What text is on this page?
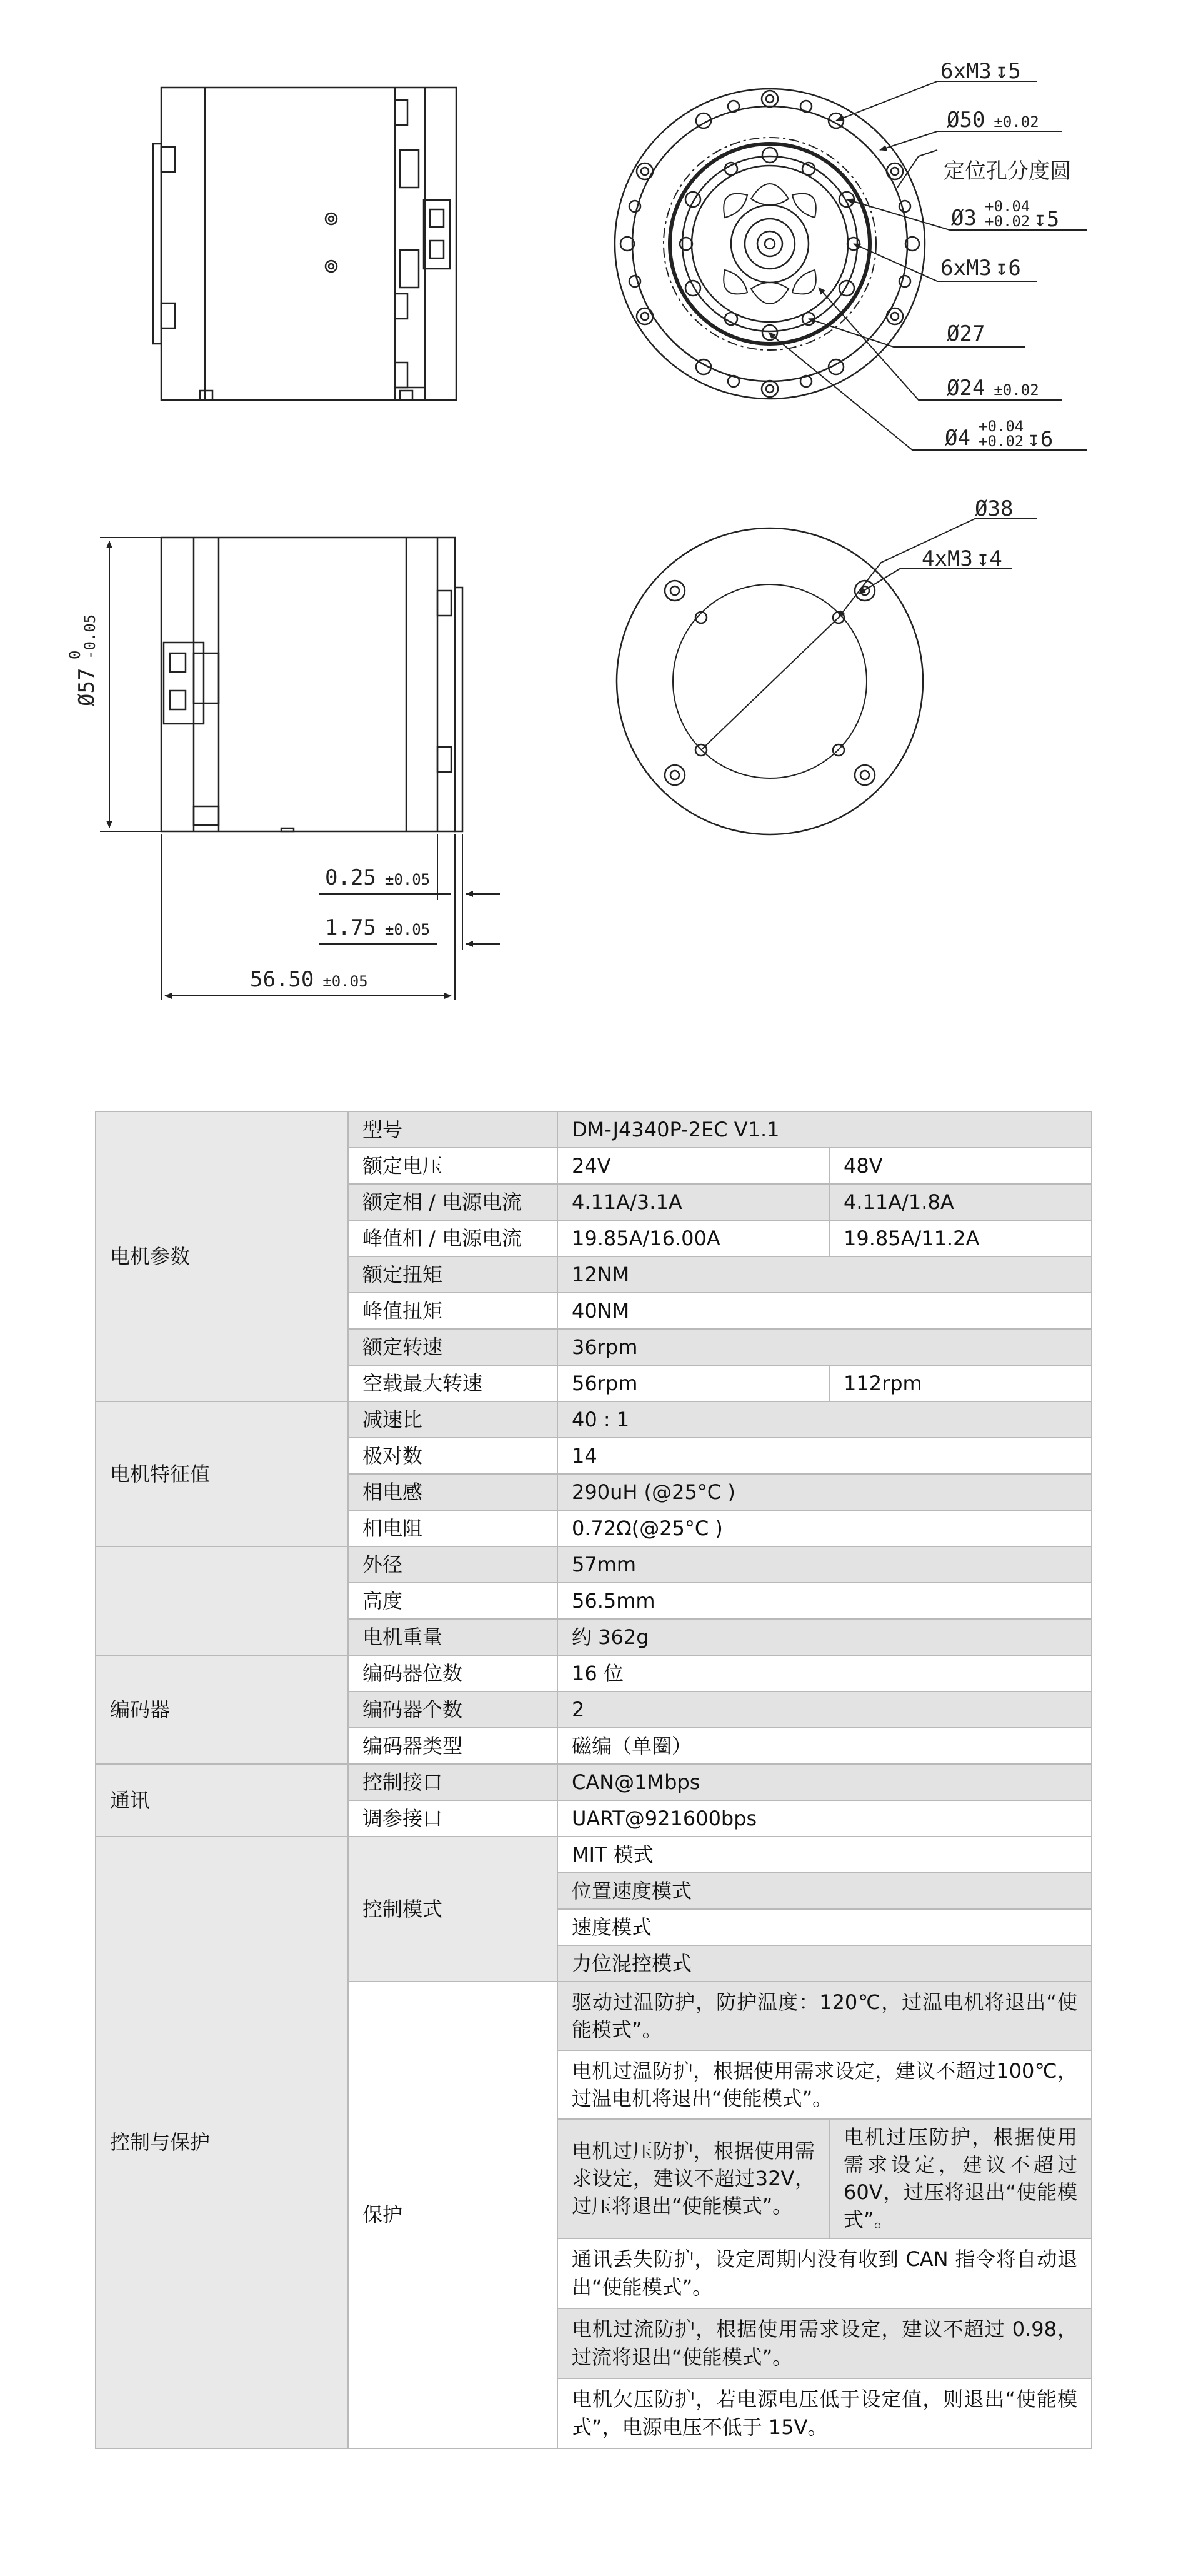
6xM3 ↧5
Ø50 ±0.02
定位孔分度圆
Ø3 +0.04 +0.02 ↧5
6xM3 ↧6
Ø27
Ø24 ±0.02
Ø4 +0.04 +0.02 ↧6
Ø570-0.05
0.25 ±0.05
1.75 ±0.05
56.50 ±0.05
Ø38
4xM3 ↧4
电机参数	型号	DM-J4340P-2EC V1.1	
	额定电压	24V	48V
	额定相 / 电源电流	4.11A/3.1A	4.11A/1.8A
	峰值相 / 电源电流	19.85A/16.00A	19.85A/11.2A
	额定扭矩	12NM	
	峰值扭矩	40NM	
	额定转速	36rpm	
	空载最大转速	56rpm	112rpm
电机特征值	减速比	40 : 1	
	极对数	14	
	相电感	290uH (@25°C )	
	相电阻	0.72Ω(@25°C )	
	外径	57mm	
	高度	56.5mm	
	电机重量	约 362g	
编码器	编码器位数	16 位	
	编码器个数	2	
	编码器类型	磁编（单圈）	
通讯	控制接口	CAN@1Mbps	
	调参接口	UART@921600bps	
控制与保护	控制模式	MIT 模式	
		位置速度模式	
		速度模式	
		力位混控模式	
	保护	驱动过温防护，防护温度：120℃，过温电机将退出“使能模式”。	
		电机过温防护，根据使用需求设定，建议不超过100℃，过温电机将退出“使能模式”。	
		电机过压防护，根据使用需求设定，建议不超过32V，过压将退出“使能模式”。	电机过压防护，根据使用需求设定，建议不超过60V，过压将退出“使能模式”。
		通讯丢失防护，设定周期内没有收到 CAN 指令将自动退出“使能模式”。	
		电机过流防护，根据使用需求设定，建议不超过 0.98，过流将退出“使能模式”。	
		电机欠压防护，若电源电压低于设定值，则退出“使能模式”，电源电压不低于 15V。	
